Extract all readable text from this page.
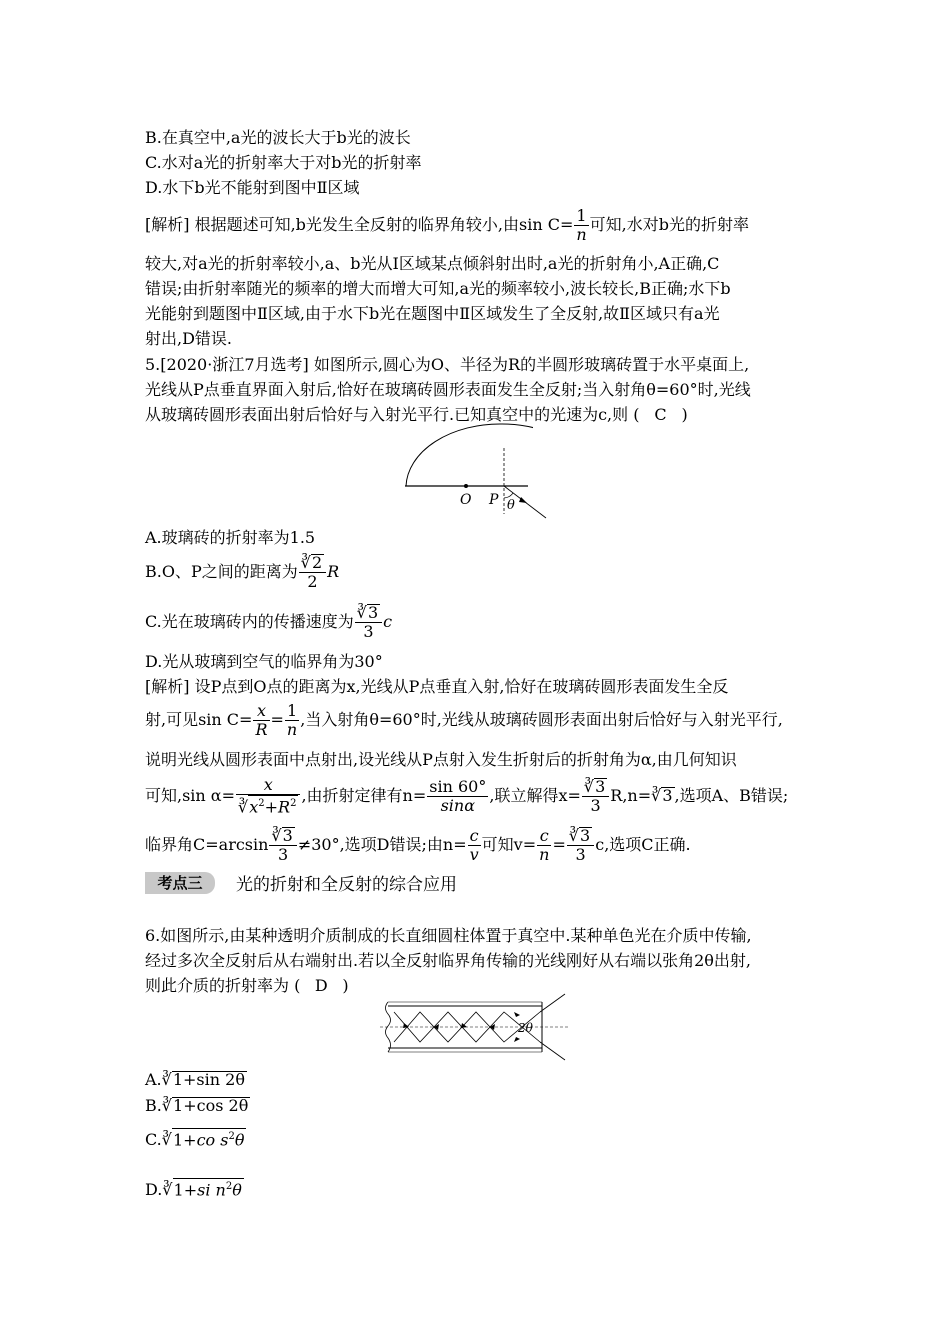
B.在真空中,a光的波长大于b光的波长
C.水对a光的折射率大于对b光的折射率
D.水下b光不能射到图中Ⅱ区域
[解析] 根据题述可知,b光发生全反射的临界角较小,由$\sin C= \frac{1}{n}$ 可知,水对b光的折射率
较大,对a光的折射率较小,a、b光从Ⅰ区域某点倾斜射出时,a光的折射角小,A正确,C
错误;由折射率随光的频率的增大而增大可知,a光的频率较小,波长较长,B正确;水下b
光能射到题图中Ⅱ区域,由于水下b光在题图中Ⅱ区域发生了全反射,故Ⅱ区域只有a光
射出,D错误.
5.[2020·浙江7月选考] 如图所示,圆心为O、半径为R的半圆形玻璃砖置于水平桌面上,
光线从P点垂直界面入射后,恰好在玻璃砖圆形表面发生全反射;当入射角θ=60°时,光线
从玻璃砖圆形表面出射后恰好与入射光平行.已知真空中的光速为c,则 ( C )
O P θ
A.玻璃砖的折射率为1.5
B.O、P之间的距离为 $\frac{∛2}{2}$ R
C.光在玻璃砖内的传播速度为 $\frac{∛3}{3}$ c
D.光从玻璃到空气的临界角为30°
[解析] 设P点到O点的距离为x,光线从P点垂直入射,恰好在玻璃砖圆形表面发生全反
射,可见$\sin C= \frac{x}{R} = \frac{1}{n}$ ,当入射角θ=60°时,光线从玻璃砖圆形表面出射后恰好与入射光平行,
说明光线从圆形表面中点射出,设光线从P点射入发生折射后的折射角为α,由几何知识
可知,sin $\alpha= \frac{x}{∛x^2+R^2}$ ,由折射定律有$n= \frac{\sin 60^\circ}{\sin\alpha}$ ,联立解得$x= \frac{∛3}{3}$ R,n=∛3 ,选项A、B错误;
临界角$C=\arcsin \frac{∛3}{3} \ne 30^\circ$,选项D错误;由$n= \frac{c}{v}$ 可知$v= \frac{c}{n} = \frac{∛3}{3} c$,选项C正确.
考点三	光的折射和全反射的综合应用
6.如图所示,由某种透明介质制成的长直细圆柱体置于真空中.某种单色光在介质中传输,
经过多次全反射后从右端射出.若以全反射临界角传输的光线刚好从右端以张角2θ出射,
则此介质的折射率为 ( D )
2θ
A.∛1+sin 2θ
B.∛1+cos 2θ
C.∛1+co $s^2\theta$
D.∛1+si $n^2\theta$
